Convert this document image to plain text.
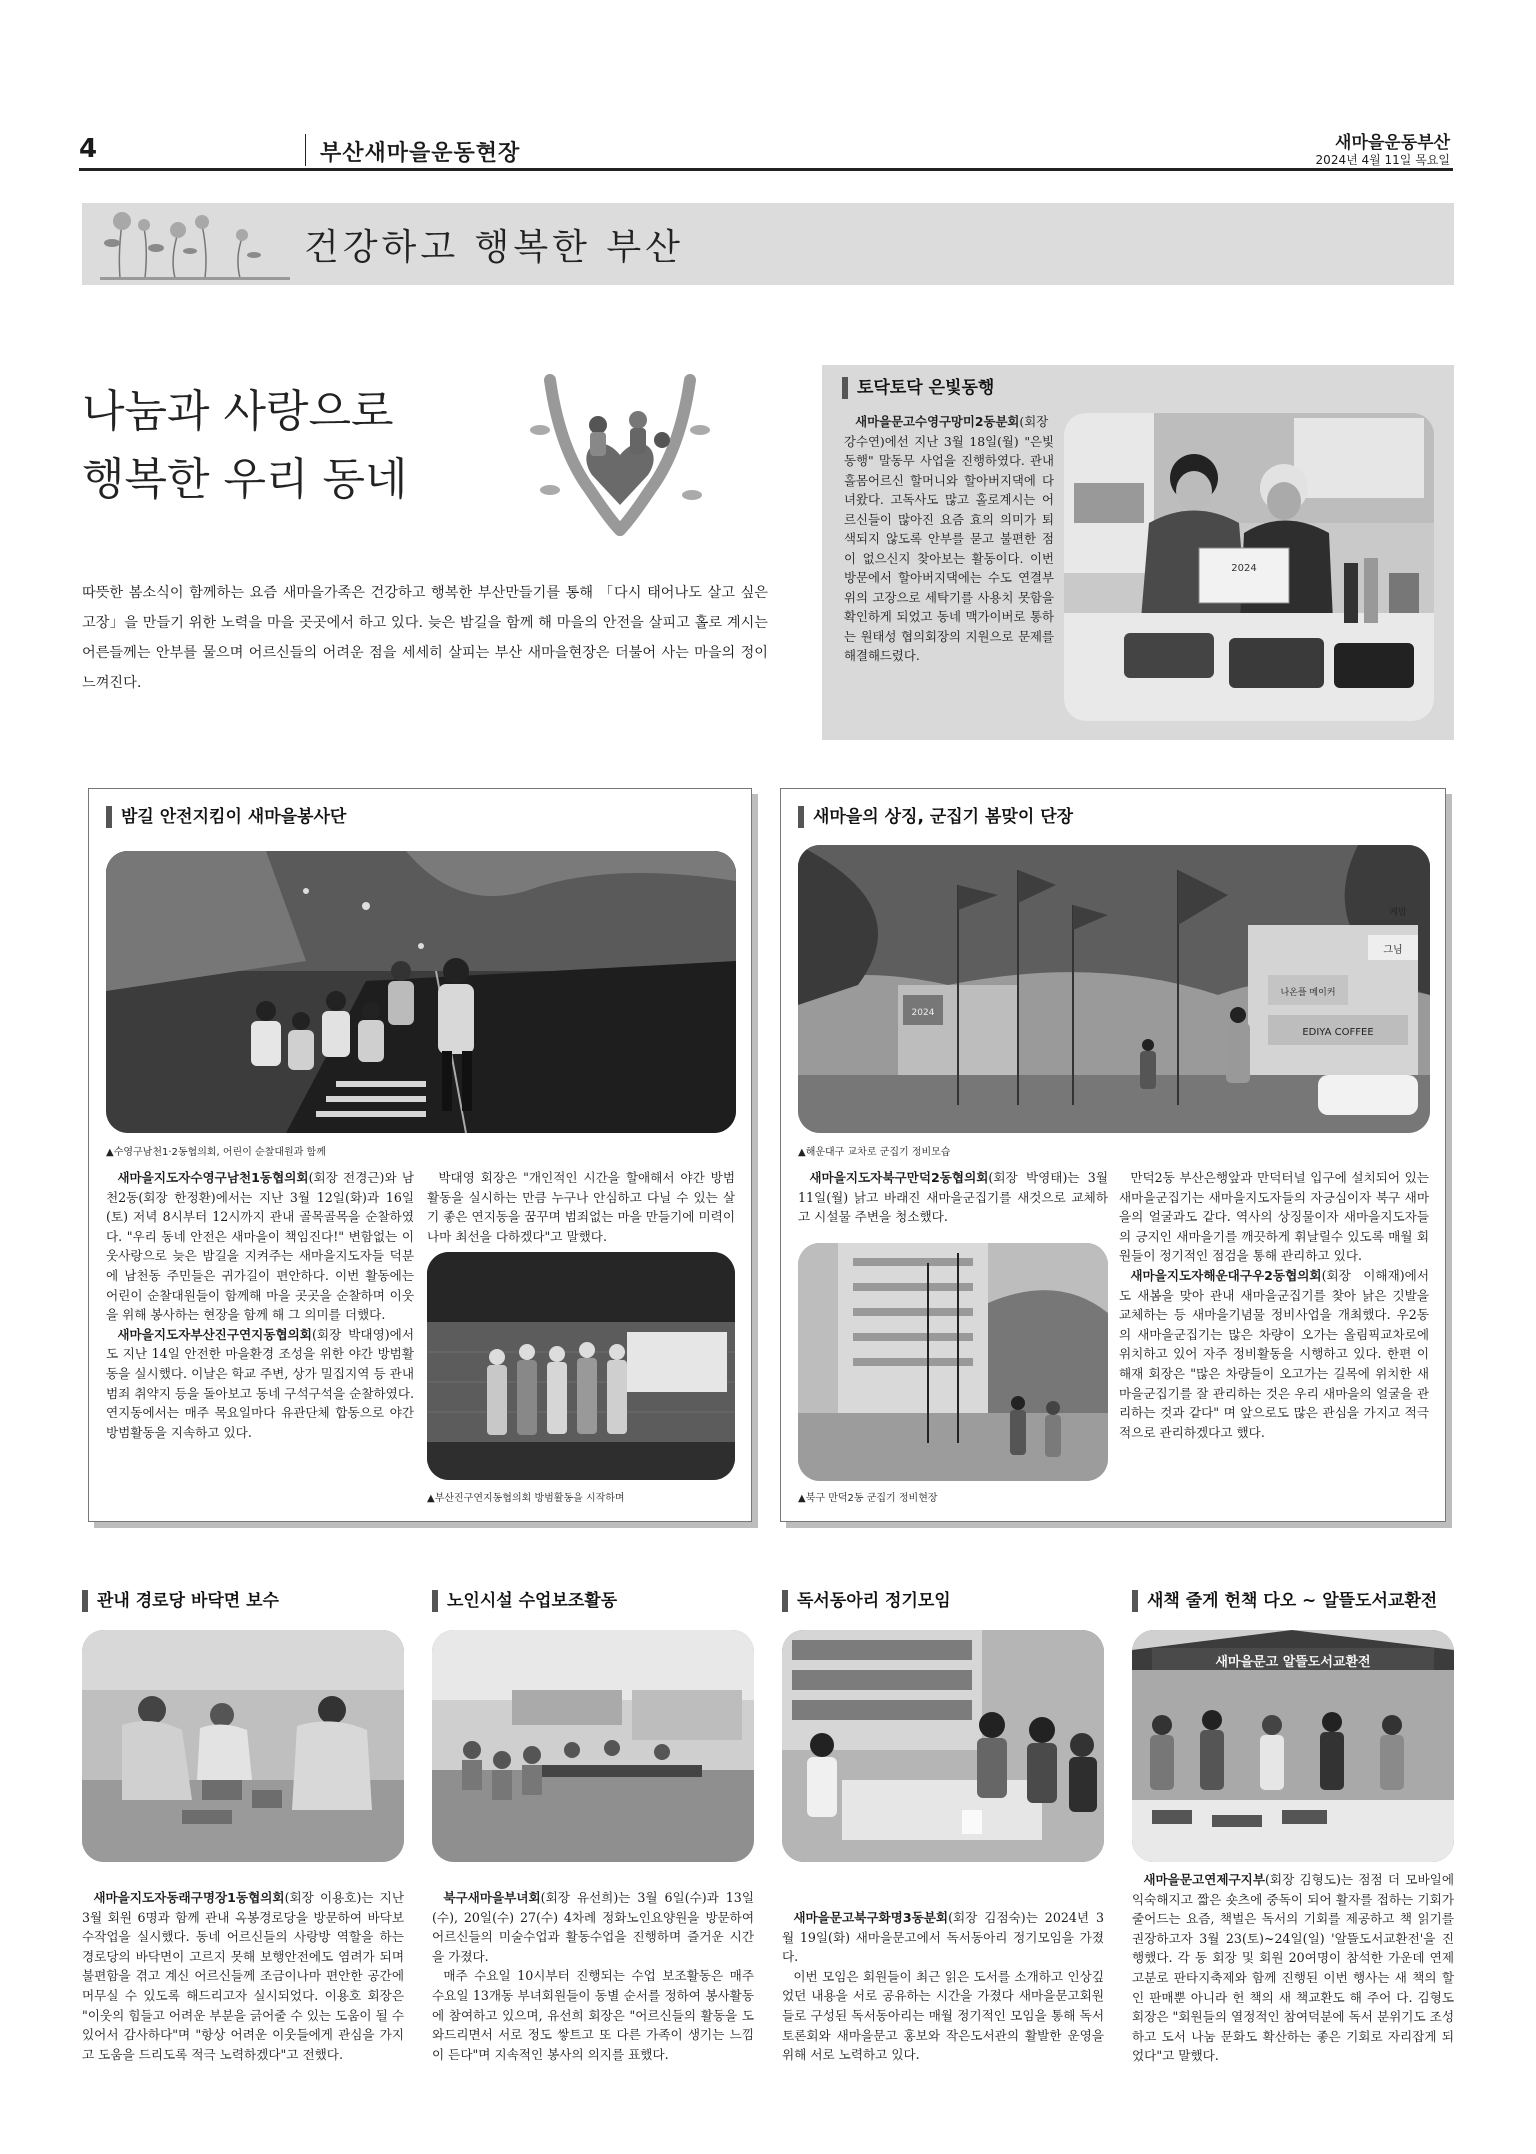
4	부산새마을운동현장	새마을운동부산
2024년 4월 11일 목요일
건강하고 행복한 부산
나눔과 사랑으로
행복한 우리 동네
따뜻한 봄소식이 함께하는 요즘 새마을가족은 건강하고 행복한 부산만들기를 통해 「다시 태어나도 살고 싶은 고장」을 만들기 위한 노력을 마을 곳곳에서 하고 있다. 늦은 밤길을 함께 해 마을의 안전을 살피고 홀로 계시는 어른들께는 안부를 물으며 어르신들의 어려운 점을 세세히 살피는 부산 새마을현장은 더불어 사는 마을의 정이 느껴진다.
토닥토닥 은빛동행

새마을문고수영구망미2동분회(회장 강수연)에선 지난 3월 18일(월) "은빛동행" 말동무 사업을 진행하였다. 관내 홀몸어르신 할머니와 할아버지댁에 다녀왔다. 고독사도 많고 홀로계시는 어르신들이 많아진 요즘 효의 의미가 퇴색되지 않도록 안부를 묻고 불편한 점이 없으신지 찾아보는 활동이다. 이번 방문에서 할아버지댁에는 수도 연결부위의 고장으로 세탁기를 사용치 못함을 확인하게 되었고 동네 맥가이버로 통하는 원태성 협의회장의 지원으로 문제를 해결해드렸다.

2024
밤길 안전지킴이 새마을봉사단
▲수영구남천1·2동협의회, 어린이 순찰대원과 함께

새마을지도자수영구남천1동협의회(회장 전경근)와 남천2동(회장 한정환)에서는 지난 3월 12일(화)과 16일(토) 저녁 8시부터 12시까지 관내 골목골목을 순찰하였다. "우리 동네 안전은 새마을이 책임진다!" 변함없는 이웃사랑으로 늦은 밤길을 지켜주는 새마을지도자들 덕분에 남천동 주민들은 귀가길이 편안하다. 이번 활동에는 어린이 순찰대원들이 함께해 마을 곳곳을 순찰하며 이웃을 위해 봉사하는 현장을 함께 해 그 의미를 더했다.

새마을지도자부산진구연지동협의회(회장 박대영)에서도 지난 14일 안전한 마을환경 조성을 위한 야간 방범활동을 실시했다. 이날은 학교 주변, 상가 밀집지역 등 관내 범죄 취약지 등을 돌아보고 동네 구석구석을 순찰하였다. 연지동에서는 매주 목요일마다 유관단체 합동으로 야간 방범활동을 지속하고 있다.

박대영 회장은 "개인적인 시간을 할애해서 야간 방범활동을 실시하는 만큼 누구나 안심하고 다닐 수 있는 살기 좋은 연지동을 꿈꾸며 범죄없는 마을 만들기에 미력이나마 최선을 다하겠다"고 말했다.

▲부산진구연지동협의회 방범활동을 시작하며
새마을의 상징, 군집기 봄맞이 단장
EDIYA COFFEE
나온플 메이커
그님
케밥
2024
▲해운대구 교차로 군집기 정비모습

새마을지도자북구만덕2동협의회(회장 박영태)는 3월 11일(월) 낡고 바래진 새마을군집기를 새것으로 교체하고 시설물 주변을 청소했다.

▲북구 만덕2동 군집기 정비현장

만덕2동 부산은행앞과 만덕터널 입구에 설치되어 있는 새마을군집기는 새마을지도자들의 자긍심이자 북구 새마을의 얼굴과도 같다. 역사의 상징물이자 새마을지도자들의 긍지인 새마을기를 깨끗하게 휘날릴수 있도록 매월 회원들이 정기적인 점검을 통해 관리하고 있다.

새마을지도자해운대구우2동협의회(회장 이해재)에서도 새봄을 맞아 관내 새마을군집기를 찾아 낡은 깃발을 교체하는 등 새마을기념물 정비사업을 개최했다. 우2동의 새마을군집기는 많은 차량이 오가는 올림픽교차로에 위치하고 있어 자주 정비활동을 시행하고 있다. 한편 이해재 회장은 "많은 차량들이 오고가는 길목에 위치한 새마을군집기를 잘 관리하는 것은 우리 새마을의 얼굴을 관리하는 것과 같다" 며 앞으로도 많은 관심을 가지고 적극적으로 관리하겠다고 했다.

관내 경로당 바닥면 보수

새마을지도자동래구명장1동협의회(회장 이용호)는 지난 3월 회원 6명과 함께 관내 옥봉경로당을 방문하여 바닥보수작업을 실시했다. 동네 어르신들의 사랑방 역할을 하는 경로당의 바닥면이 고르지 못해 보행안전에도 염려가 되며 불편함을 겪고 계신 어르신들께 조금이나마 편안한 공간에 머무실 수 있도록 해드리고자 실시되었다. 이용호 회장은 "이웃의 힘들고 어려운 부분을 긁어줄 수 있는 도움이 될 수 있어서 감사하다"며 "항상 어려운 이웃들에게 관심을 가지고 도움을 드리도록 적극 노력하겠다"고 전했다.

노인시설 수업보조활동

북구새마을부녀회(회장 유선희)는 3월 6일(수)과 13일(수), 20일(수) 27(수) 4차례 정화노인요양원을 방문하여 어르신들의 미술수업과 활동수업을 진행하며 즐거운 시간을 가졌다.

매주 수요일 10시부터 진행되는 수업 보조활동은 매주 수요일 13개동 부녀회원들이 동별 순서를 정하여 봉사활동에 참여하고 있으며, 유선희 회장은 "어르신들의 활동을 도와드리면서 서로 정도 쌓트고 또 다른 가족이 생기는 느낌이 든다"며 지속적인 봉사의 의지를 표했다.

독서동아리 정기모임

새마을문고북구화명3동분회(회장 김점숙)는 2024년 3월 19일(화) 새마을문고에서 독서동아리 정기모임을 가졌다.

이번 모임은 회원들이 최근 읽은 도서를 소개하고 인상깊었던 내용을 서로 공유하는 시간을 가졌다 새마을문고회원들로 구성된 독서동아리는 매월 정기적인 모임을 통해 독서 토론회와 새마을문고 홍보와 작은도서관의 활발한 운영을 위해 서로 노력하고 있다.

새책 줄게 헌책 다오 ~ 알뜰도서교환전
새마을문고 알뜰도서교환전

새마을문고연제구지부(회장 김형도)는 점점 더 모바일에 익숙해지고 짧은 숏츠에 중독이 되어 활자를 접하는 기회가 줄어드는 요즘, 책벌은 독서의 기회를 제공하고 책 읽기를 권장하고자 3월 23(토)~24일(일) '알뜰도서교환전'을 진행했다. 각 동 회장 및 회원 20여명이 참석한 가운데 연제고분로 판타지축제와 함께 진행된 이번 행사는 새 책의 할인 판매뿐 아니라 헌 책의 새 책교환도 해 주어 다. 김형도회장은 "회원들의 열정적인 참여덕분에 독서 분위기도 조성하고 도서 나눔 문화도 확산하는 좋은 기회로 자리잡게 되었다"고 말했다.
